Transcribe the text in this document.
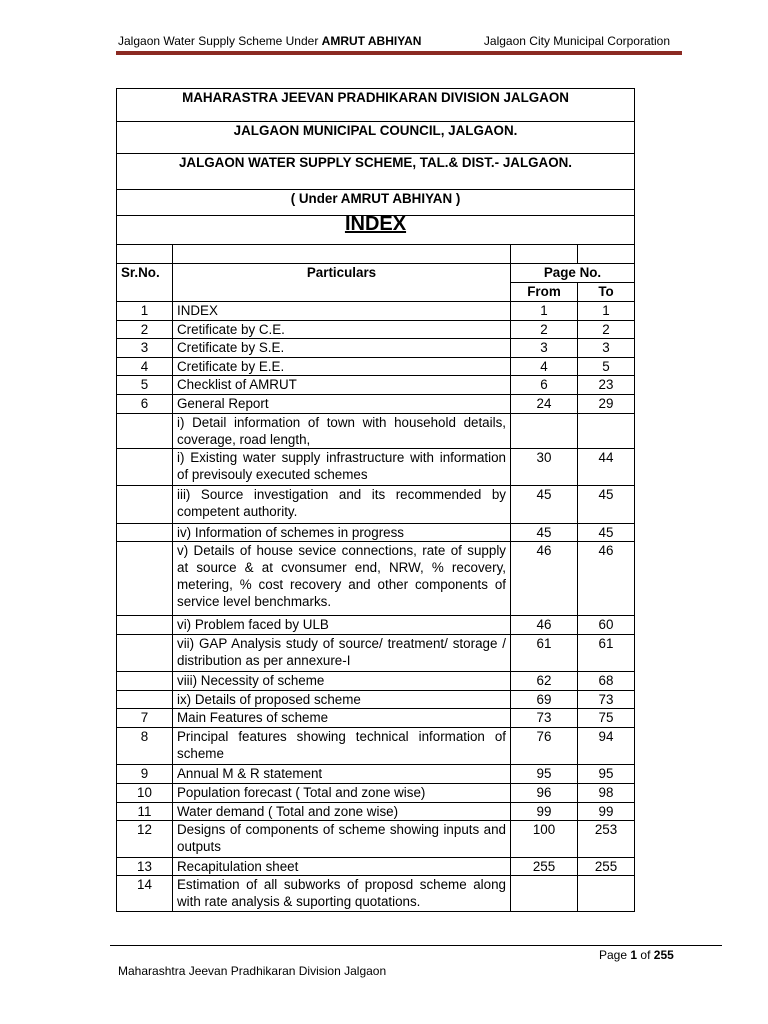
Jalgaon Water Supply Scheme Under AMRUT ABHIYAN	Jalgaon City Municipal Corporation
MAHARASTRA JEEVAN PRADHIKARAN DIVISION JALGAON			
JALGAON MUNICIPAL COUNCIL, JALGAON.			
JALGAON WATER SUPPLY SCHEME, TAL.& DIST.- JALGAON.			
( Under AMRUT ABHIYAN )			
INDEX			

Sr.No.	Particulars	Page No.	
		From	To
1	INDEX	1	1
2	Cretificate by C.E.	2	2
3	Cretificate by S.E.	3	3
4	Cretificate by E.E.	4	5
5	Checklist of AMRUT	6	23
6	General Report	24	29
	i) Detail information of town with household details, coverage, road length,		
	i) Existing water supply infrastructure with information of previsouly executed schemes	30	44
	iii) Source investigation and its recommended by competent authority.	45	45
	iv) Information of schemes in progress	45	45
	v) Details of house sevice connections, rate of supply at source & at cvonsumer end, NRW, % recovery, metering, % cost recovery and other components of service level benchmarks.	46	46
	vi) Problem faced by ULB	46	60
	vii) GAP Analysis study of source/ treatment/ storage / distribution as per annexure-I	61	61
	viii) Necessity of scheme	62	68
	ix) Details of proposed scheme	69	73
7	Main Features of scheme	73	75
8	Principal features showing technical information of scheme	76	94
9	Annual M & R statement	95	95
10	Population forecast ( Total and zone wise)	96	98
11	Water demand ( Total and zone wise)	99	99
12	Designs of components of scheme showing inputs and outputs	100	253
13	Recapitulation sheet	255	255
14	Estimation of all subworks of proposd scheme along with rate analysis & suporting quotations.		
Page 1 of 255
Maharashtra Jeevan Pradhikaran Division Jalgaon
